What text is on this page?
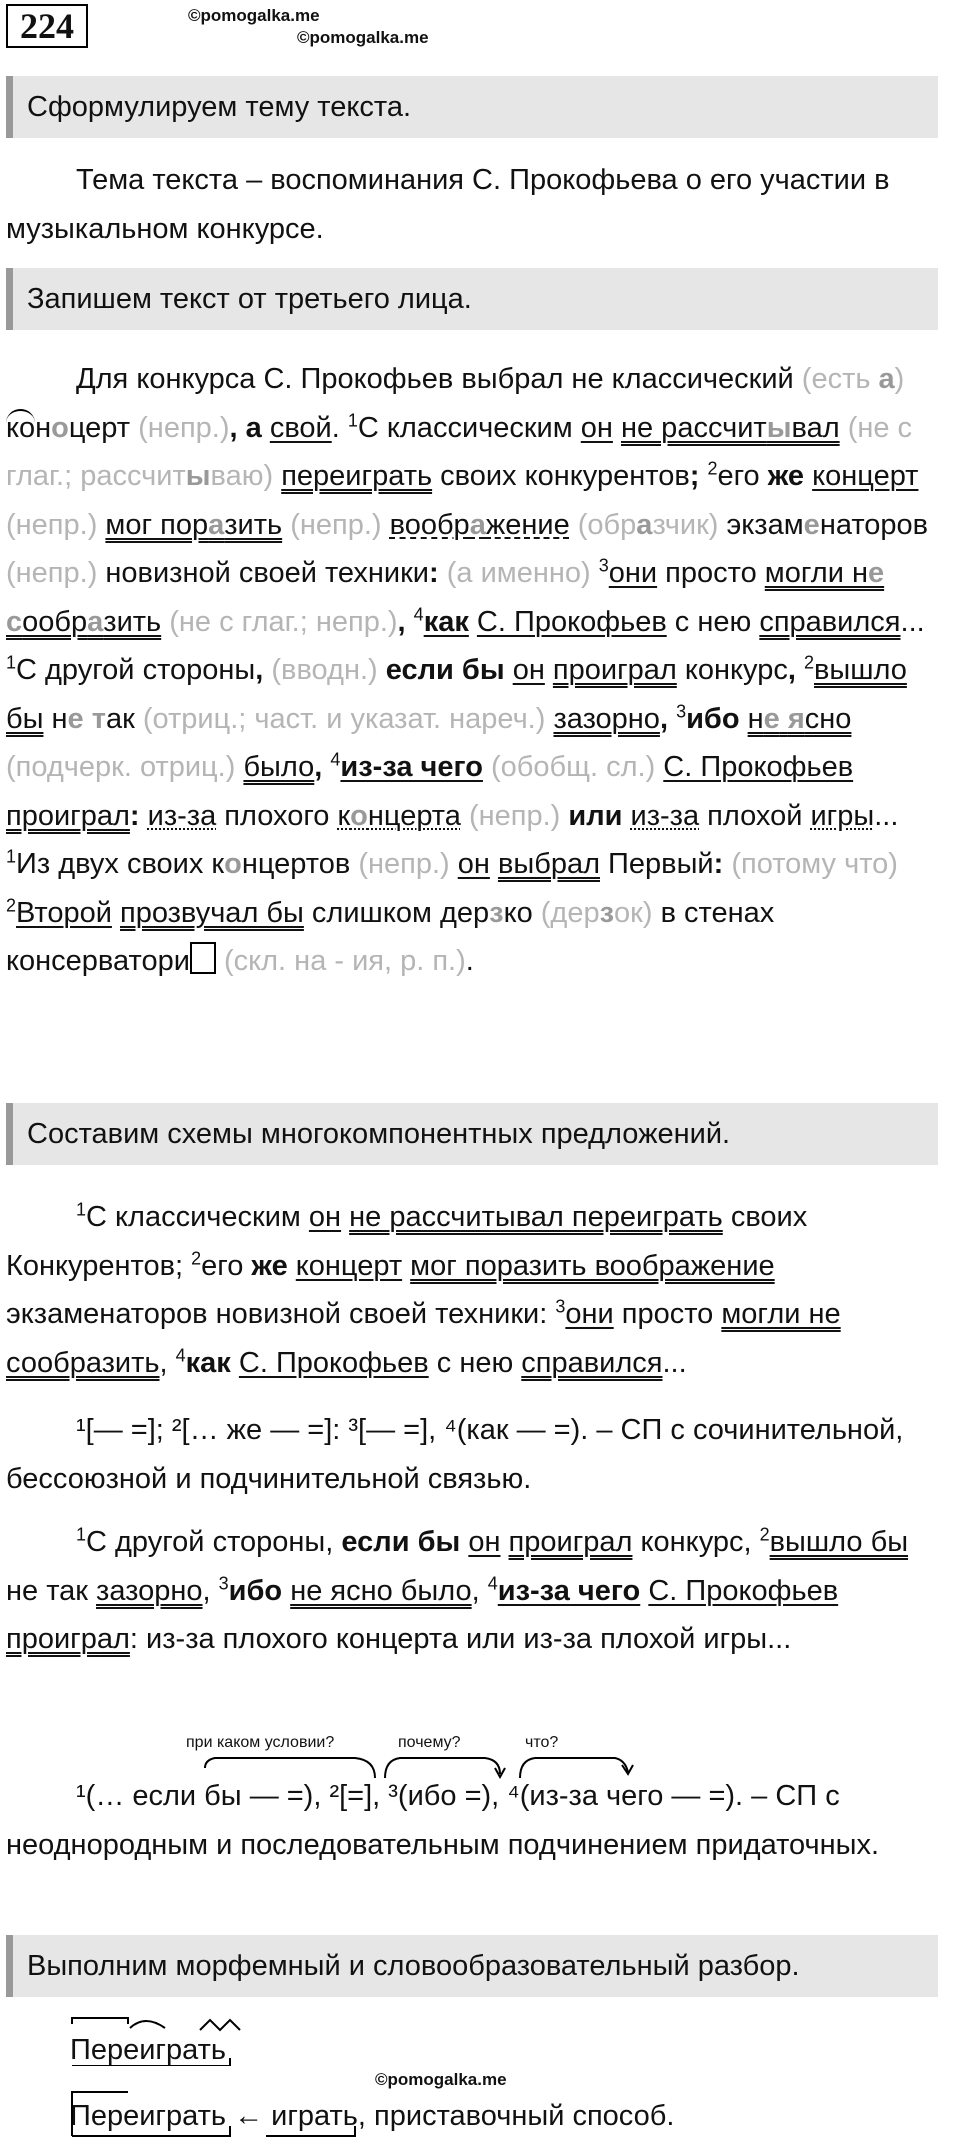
224	©pomogalka.me
©pomogalka.me
Сформулируем тему текста.

Тема текста – воспоминания С. Прокофьева о его участии в музыкальном конкурсе.

Запишем текст от третьего лица.

Для конкурса С. Прокофьев выбрал не классический (есть а) коноцерт (непр.), а свой. $^1$С классическим он не рассчитывал (не с глаг.; рассчитываю) переиграть своих конкурентов; $^2$его же концерт (непр.) мог поразить (непр.) воображение (образчик) экзаменаторов (непр.) новизной своей техники: (а именно) $^3$они просто могли не сообразить (не с глаг.; непр.), $^4$как С. Прокофьев с нею справился... $^1$С другой стороны, (вводн.) если бы он проиграл конкурс, $^2$вышло бы не так (отриц.; част. и указат. нареч.) зазорно, $^3$ибо не ясно (подчерк. отриц.) было, $^4$из-за чего (обобщ. сл.) С. Прокофьев проиграл: из-за плохого концерта (непр.) или из-за плохой игры... $^1$Из двух своих концертов (непр.) он выбрал Первый: (потому что) $^2$Второй прозвучал бы слишком дерзко (дерзок) в стенах консерватори (скл. на - ия, р. п.).

Составим схемы многокомпонентных предложений.

$^1$С классическим он не рассчитывал переиграть своих Конкурентов; $^2$его же концерт мог поразить воображение экзаменаторов новизной своей техники: $^3$они просто могли не сообразить, $^4$как С. Прокофьев с нею справился...

¹[— =]; ²[… же — =]: ³[— =], ⁴(как — =). – СП с сочинительной, бессоюзной и подчинительной связью.

$^1$С другой стороны, если бы он проиграл конкурс, $^2$вышло бы не так зазорно, $^3$ибо не ясно было, $^4$из-за чего С. Прокофьев проиграл: из-за плохого концерта или из-за плохой игры...

при каком условии?	почему?	что?

¹(… если бы — =), ²[=], ³(ибо =), ⁴(из-за чего — =). – СП с неоднородным и последовательным подчинением придаточных.

Выполним морфемный и словообразовательный разбор.
Переиграть
©pomogalka.me
Переиграть ← играть, приставочный способ.
